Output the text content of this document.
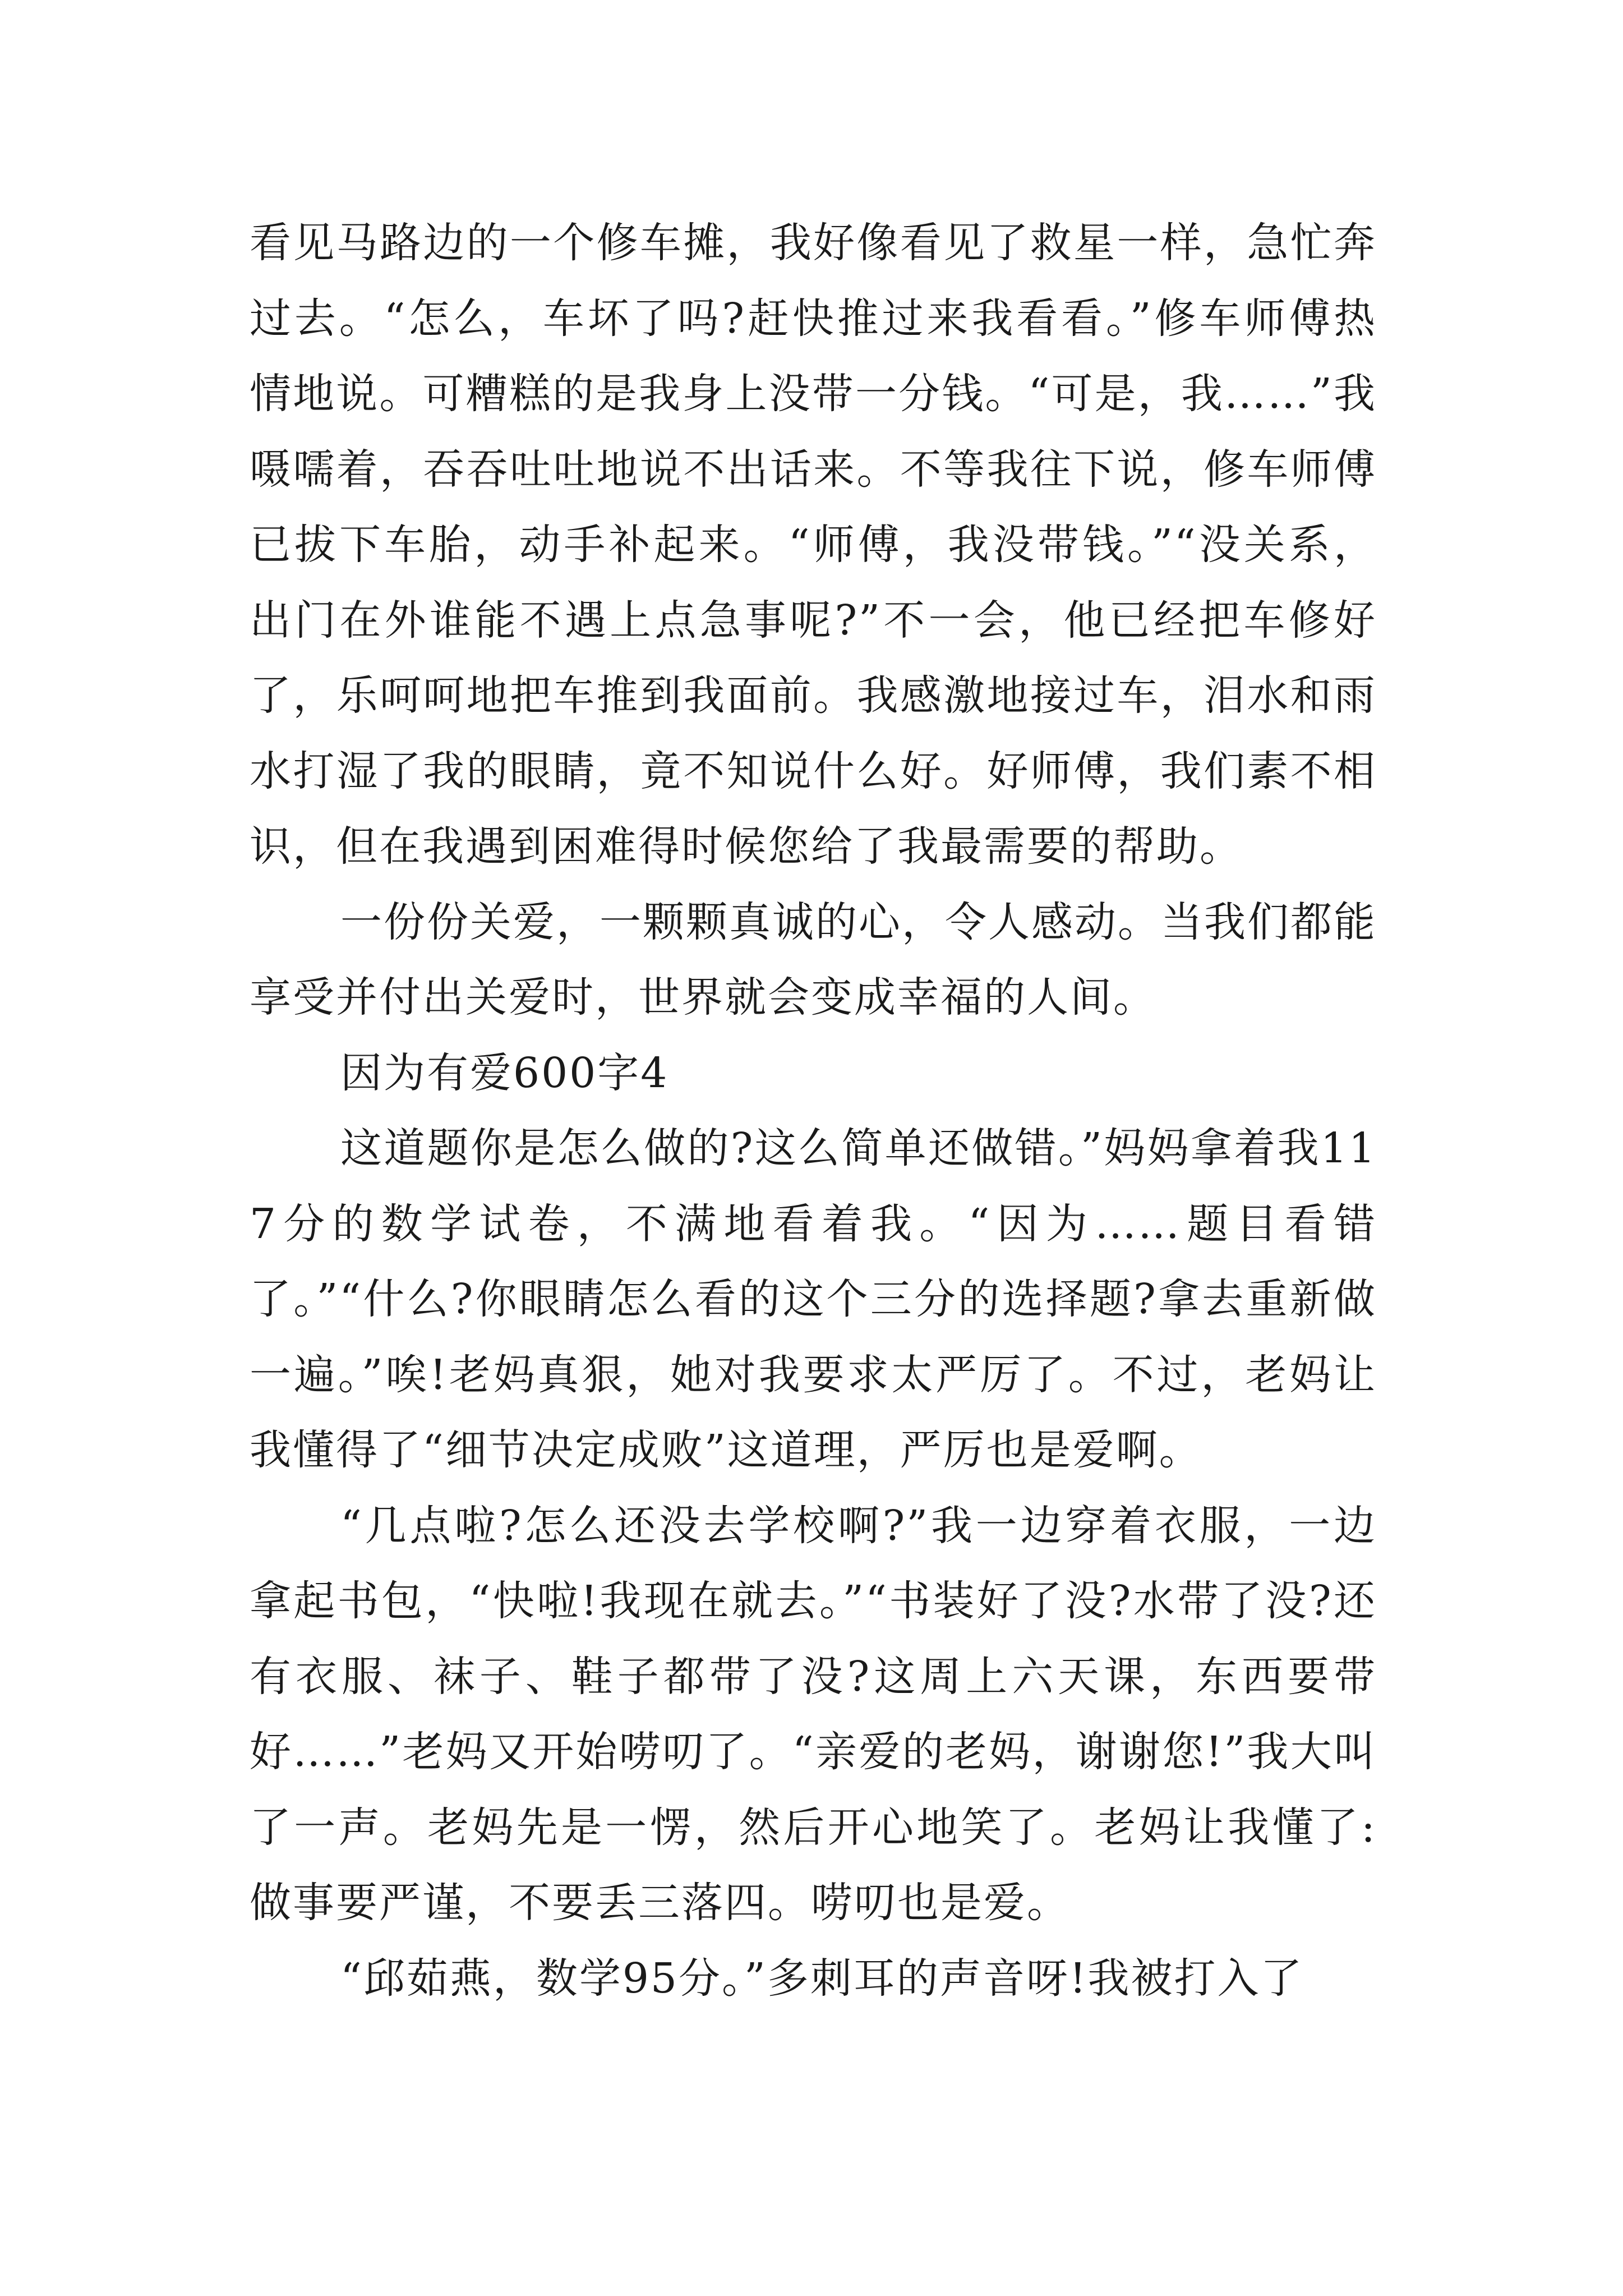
看见马路边的一个修车摊，我好像看见了救星一样，急忙奔过去。“怎么，车坏了吗?赶快推过来我看看。”修车师傅热情地说。可糟糕的是我身上没带一分钱。“可是，我……”我嗫嚅着，吞吞吐吐地说不出话来。不等我往下说，修车师傅已拔下车胎，动手补起来。“师傅，我没带钱。”“没关系，出门在外谁能不遇上点急事呢?”不一会，他已经把车修好了，乐呵呵地把车推到我面前。我感激地接过车，泪水和雨水打湿了我的眼睛，竟不知说什么好。好师傅，我们素不相识，但在我遇到困难得时候您给了我最需要的帮助。

一份份关爱，一颗颗真诚的心，令人感动。当我们都能享受并付出关爱时，世界就会变成幸福的人间。

因为有爱600字4

这道题你是怎么做的?这么简单还做错。”妈妈拿着我117分的数学试卷，不满地看着我。“因为……题目看错了。”“什么?你眼睛怎么看的这个三分的选择题?拿去重新做一遍。”唉!老妈真狠，她对我要求太严厉了。不过，老妈让我懂得了“细节决定成败”这道理，严厉也是爱啊。

“几点啦?怎么还没去学校啊?”我一边穿着衣服，一边拿起书包，“快啦!我现在就去。”“书装好了没?水带了没?还有衣服、袜子、鞋子都带了没?这周上六天课，东西要带好……”老妈又开始唠叨了。“亲爱的老妈，谢谢您!”我大叫了一声。老妈先是一愣，然后开心地笑了。老妈让我懂了:做事要严谨，不要丢三落四。唠叨也是爱。

“邱茹燕，数学95分。”多刺耳的声音呀!我被打入了
